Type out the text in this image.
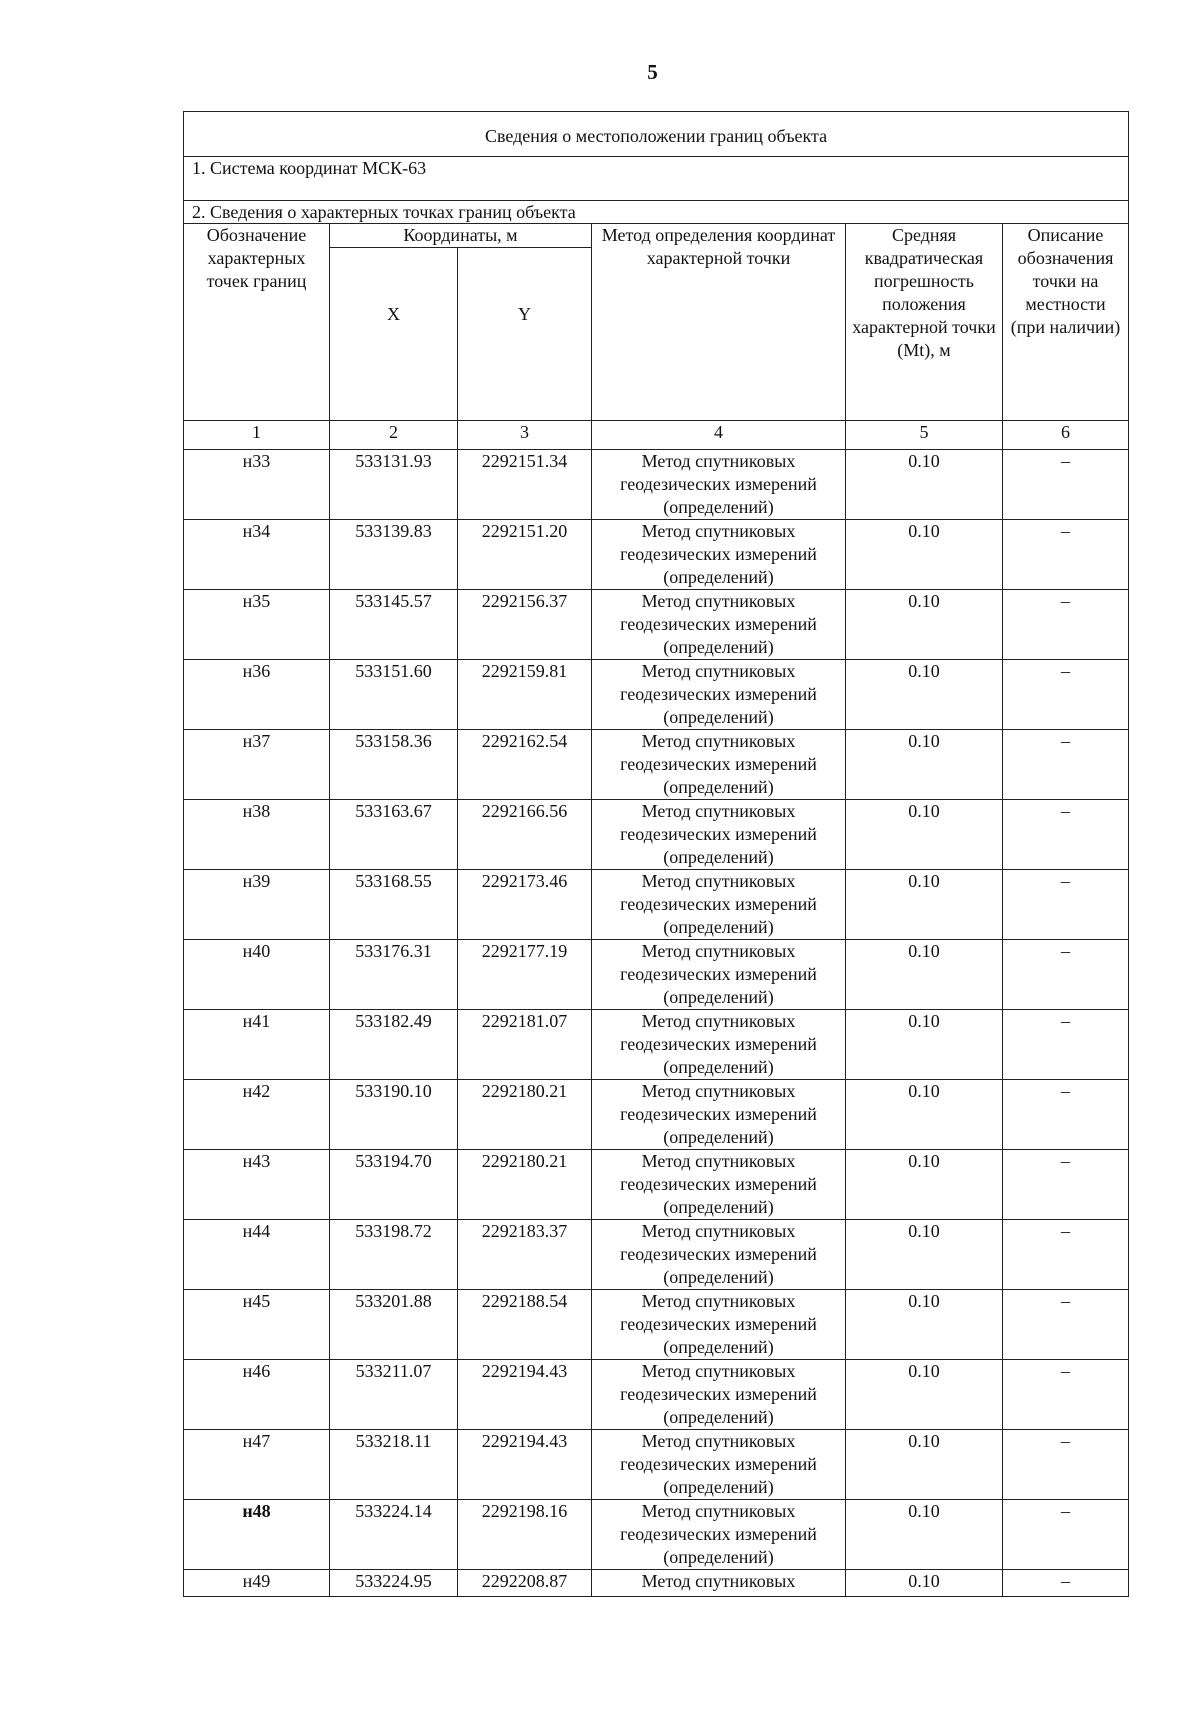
5
Сведения о местоположении границ объекта					
1. Система координат МСК-63					
2. Сведения о характерных точках границ объекта					
Обозначение характерных точек границ	Координаты, м		Метод определения координат характерной точки	Средняя квадратическая погрешность положения характерной точки (Mt), м	Описание обозначения точки на местности (при наличии)
	X	Y			
1	2	3	4	5	6
н33	533131.93	2292151.34	Метод спутниковых геодезических измерений (определений)	0.10	–
н34	533139.83	2292151.20	Метод спутниковых геодезических измерений (определений)	0.10	–
н35	533145.57	2292156.37	Метод спутниковых геодезических измерений (определений)	0.10	–
н36	533151.60	2292159.81	Метод спутниковых геодезических измерений (определений)	0.10	–
н37	533158.36	2292162.54	Метод спутниковых геодезических измерений (определений)	0.10	–
н38	533163.67	2292166.56	Метод спутниковых геодезических измерений (определений)	0.10	–
н39	533168.55	2292173.46	Метод спутниковых геодезических измерений (определений)	0.10	–
н40	533176.31	2292177.19	Метод спутниковых геодезических измерений (определений)	0.10	–
н41	533182.49	2292181.07	Метод спутниковых геодезических измерений (определений)	0.10	–
н42	533190.10	2292180.21	Метод спутниковых геодезических измерений (определений)	0.10	–
н43	533194.70	2292180.21	Метод спутниковых геодезических измерений (определений)	0.10	–
н44	533198.72	2292183.37	Метод спутниковых геодезических измерений (определений)	0.10	–
н45	533201.88	2292188.54	Метод спутниковых геодезических измерений (определений)	0.10	–
н46	533211.07	2292194.43	Метод спутниковых геодезических измерений (определений)	0.10	–
н47	533218.11	2292194.43	Метод спутниковых геодезических измерений (определений)	0.10	–
н48	533224.14	2292198.16	Метод спутниковых геодезических измерений (определений)	0.10	–
н49	533224.95	2292208.87	Метод спутниковых	0.10	–
